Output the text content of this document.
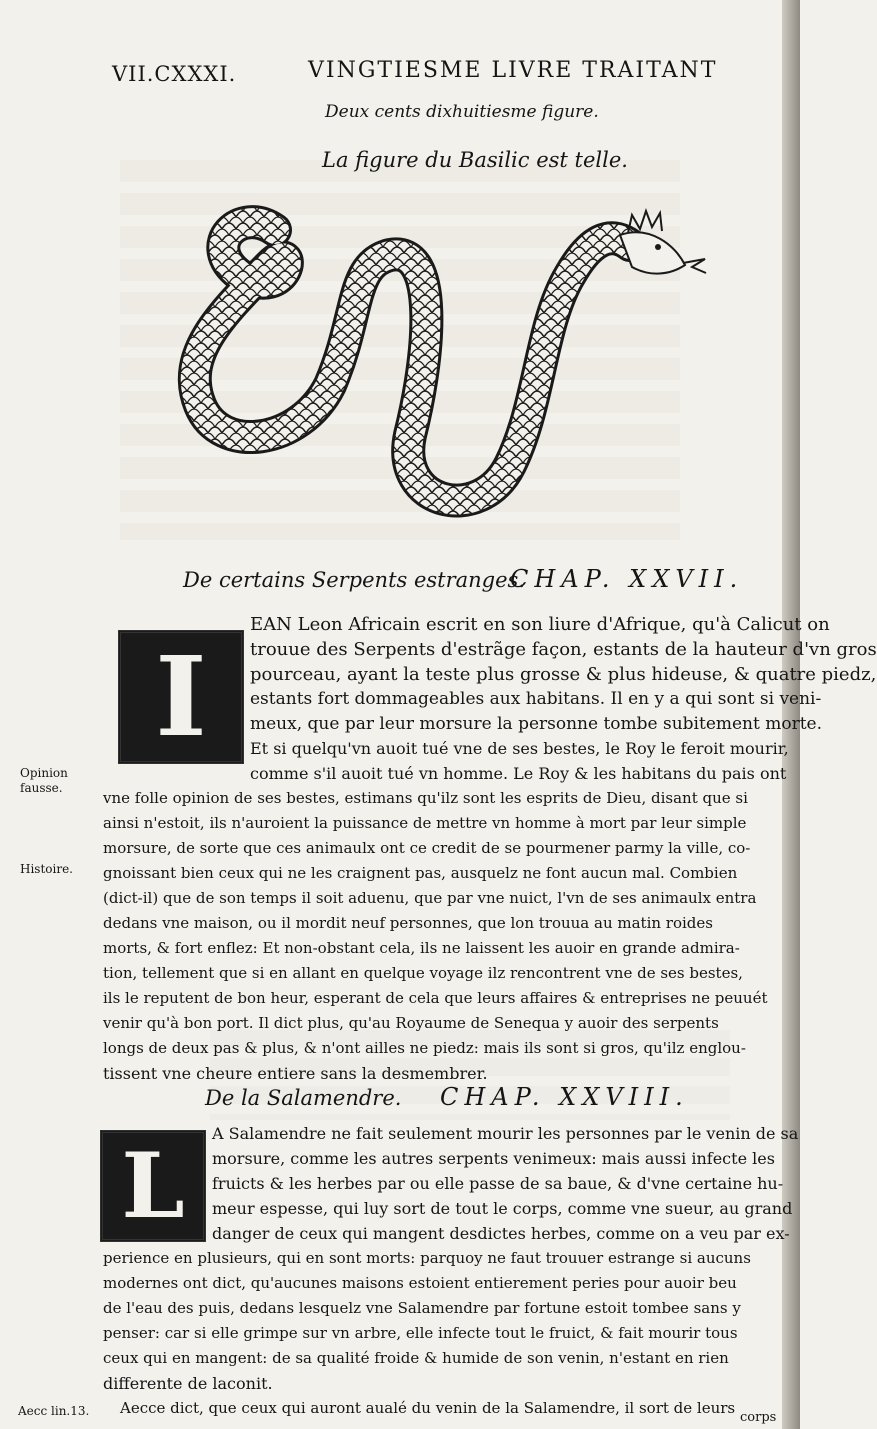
VII.CXXXI.	VINGTIESME LIVRE TRAITANT
Deux cents dixhuitiesme figure.
La figure du Basilic est telle.
De certains Serpents estranges.
CHAP. XXVII.
I
EAN Leon Africain escrit en son liure d'Afrique, qu'à Calicut on
trouue des Serpents d'estrãge façon, estants de la hauteur d'vn gros
pourceau, ayant la teste plus grosse & plus hideuse, & quatre piedz,
estants fort dommageables aux habitans. Il en y a qui sont si veni-
meux, que par leur morsure la personne tombe subitement morte.
Et si quelqu'vn auoit tué vne de ses bestes, le Roy le feroit mourir,
comme s'il auoit tué vn homme. Le Roy & les habitans du pais ont
vne folle opinion de ses bestes, estimans qu'ilz sont les esprits de Dieu, disant que si
ainsi n'estoit, ils n'auroient la puissance de mettre vn homme à mort par leur simple
morsure, de sorte que ces animaulx ont ce credit de se pourmener parmy la ville, co-
gnoissant bien ceux qui ne les craignent pas, ausquelz ne font aucun mal. Combien
(dict-il) que de son temps il soit aduenu, que par vne nuict, l'vn de ses animaulx entra
dedans vne maison, ou il mordit neuf personnes, que lon trouua au matin roides
morts, & fort enflez: Et non-obstant cela, ils ne laissent les auoir en grande admira-
tion, tellement que si en allant en quelque voyage ilz rencontrent vne de ses bestes,
ils le reputent de bon heur, esperant de cela que leurs affaires & entreprises ne peuuét
venir qu'à bon port. Il dict plus, qu'au Royaume de Senequa y auoir des serpents
longs de deux pas & plus, & n'ont ailles ne piedz: mais ils sont si gros, qu'ilz englou-
tissent vne cheure entiere sans la desmembrer.
De la Salamendre. CHAP. XXVIII.
L	A Salamendre ne fait seulement mourir les personnes par le venin de sa
morsure, comme les autres serpents venimeux: mais aussi infecte les
fruicts & les herbes par ou elle passe de sa baue, & d'vne certaine hu-
meur espesse, qui luy sort de tout le corps, comme vne sueur, au grand
danger de ceux qui mangent desdictes herbes, comme on a veu par ex-
perience en plusieurs, qui en sont morts: parquoy ne faut trouuer estrange si aucuns
modernes ont dict, qu'aucunes maisons estoient entierement peries pour auoir beu
de l'eau des puis, dedans lesquelz vne Salamendre par fortune estoit tombee sans y
penser: car si elle grimpe sur vn arbre, elle infecte tout le fruict, & fait mourir tous
ceux qui en mangent: de sa qualité froide & humide de son venin, n'estant en rien
differente de laconit.
Aecce dict, que ceux qui auront aualé du venin de la Salamendre, il sort de leurs
Opinion fausse.
Histoire.
Aecc lin.13.	corps
